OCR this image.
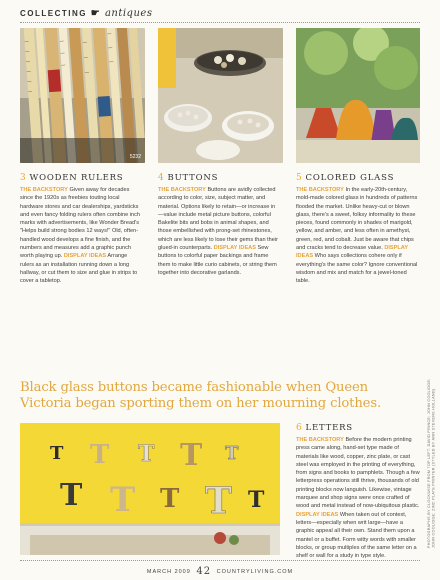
COLLECTING ☛ antiques
5232
3 WOODEN RULERS
THE BACKSTORY Given away for decades since the 1920s as freebies touting local hardware stores and car dealerships, yardsticks and even fancy folding rulers often combine inch marks with advertisements, like Wonder Bread's "Helps build strong bodies 12 ways!" Old, often-handled wood develops a fine finish, and the numbers and measures add a graphic punch worth playing up. DISPLAY IDEAS Arrange rulers as an installation running down a long hallway, or cut them to size and glue in strips to cover a tabletop.
4 BUTTONS
THE BACKSTORY Buttons are avidly collected according to color, size, subject matter, and material. Options likely to retain—or increase in—value include metal picture buttons, colorful Bakelite bits and bobs in animal shapes, and those embellished with prong-set rhinestones, which are less likely to lose their gems than their glued-in counterparts. DISPLAY IDEAS Sew buttons to colorful paper backings and frame them to make little curio cabinets, or string them together into decorative garlands.
5 COLORED GLASS
THE BACKSTORY In the early-20th-century, mold-made colored glass in hundreds of patterns flooded the market. Unlike heavy-cut or blown glass, there's a sweet, folksy informality to these pieces, found commonly in shades of marigold, yellow, and amber, and less often in amethyst, green, red, and cobalt. Just be aware that chips and cracks tend to decrease value. DISPLAY IDEAS Who says collections cohere only if everything's the same color? Ignore conventional wisdom and mix and match for a jewel-toned table.
Black glass buttons became fashionable when Queen Victoria began sporting them on her mourning clothes.
T T T T T
T T T T T
6 LETTERS
THE BACKSTORY Before the modern printing press came along, hand-set type made of materials like wood, copper, zinc plate, or cast steel was employed in the printing of everything, from signs and books to pamphlets. Though a few letterpress operations still thrive, thousands of old printing blocks now languish. Likewise, vintage marquee and shop signs were once crafted of wood and metal instead of now-ubiquitous plastic. DISPLAY IDEAS When taken out of context, letters—especially when writ large—have a graphic appeal all their own. Stand them upon a mantel or a buffet. Form witty words with smaller blocks, or group multiples of the same letter on a shelf or wall for a study in type style.
PHOTOGRAPHS BY CLOCKWISE FROM TOP LEFT: DAVID PRINCE; JOHN COOLIDGE; JOHN COOLIDGE; ZINC PLATE PRINTER (STYLED BY ANN STEVENS HOLLAND)
MARCH 2009 42 COUNTRYLIVING.COM
